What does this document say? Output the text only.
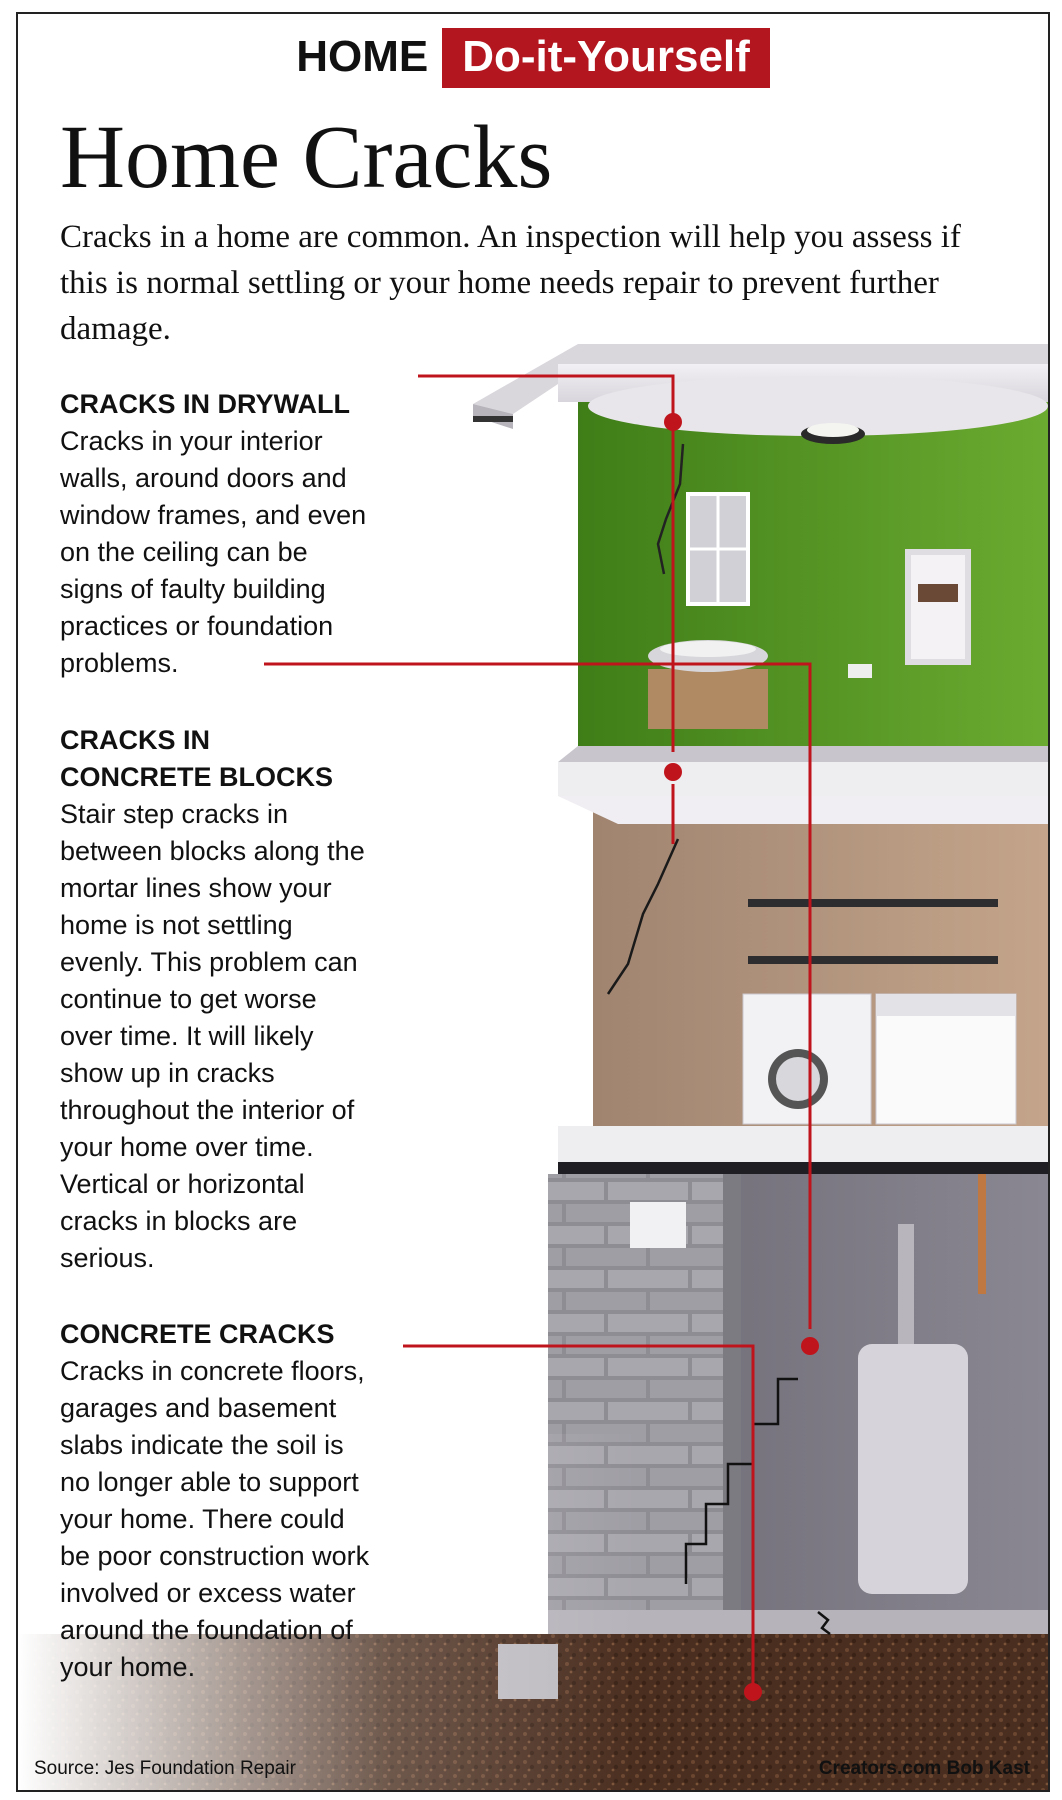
HOME Do-it-Yourself
Home Cracks
Cracks in a home are common. An inspection will help you assess if this is normal settling or your home needs repair to prevent further damage.
CRACKS IN DRYWALL
Cracks in your interior
walls, around doors and
window frames, and even
on the ceiling can be
signs of faulty building
practices or foundation
problems.
CRACKS IN
CONCRETE BLOCKS
Stair step cracks in
between blocks along the
mortar lines show your
home is not settling
evenly. This problem can
continue to get worse
over time. It will likely
show up in cracks
throughout the interior of
your home over time.
Vertical or horizontal
cracks in blocks are
serious.
CONCRETE CRACKS
Cracks in concrete floors,
garages and basement
slabs indicate the soil is
no longer able to support
your home. There could
be poor construction work
involved or excess water
around the foundation of
your home.
Source: Jes Foundation Repair	Creators.com Bob Kast
